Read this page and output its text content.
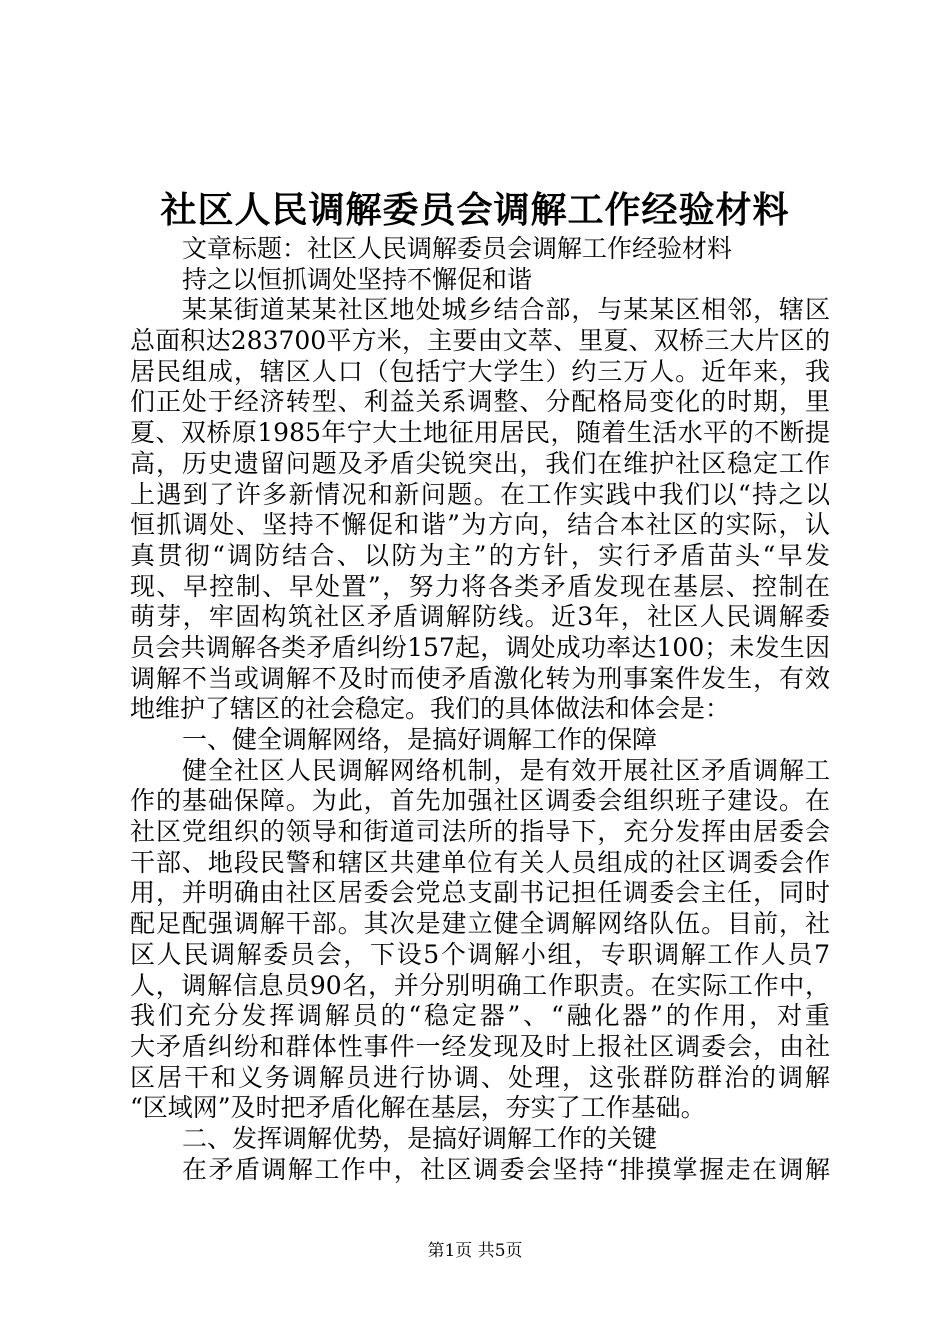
社区人民调解委员会调解工作经验材料
文章标题：社区人民调解委员会调解工作经验材料
持之以恒抓调处坚持不懈促和谐
某某街道某某社区地处城乡结合部，与某某区相邻，辖区
总面积达283700平方米，主要由文萃、里夏、双桥三大片区的
居民组成，辖区人口（包括宁大学生）约三万人。近年来，我
们正处于经济转型、利益关系调整、分配格局变化的时期，里
夏、双桥原1985年宁大土地征用居民，随着生活水平的不断提
高，历史遗留问题及矛盾尖锐突出，我们在维护社区稳定工作
上遇到了许多新情况和新问题。在工作实践中我们以“持之以
恒抓调处、坚持不懈促和谐”为方向，结合本社区的实际，认
真贯彻“调防结合、以防为主”的方针，实行矛盾苗头“早发
现、早控制、早处置”，努力将各类矛盾发现在基层、控制在
萌芽，牢固构筑社区矛盾调解防线。近3年，社区人民调解委
员会共调解各类矛盾纠纷157起，调处成功率达100；未发生因
调解不当或调解不及时而使矛盾激化转为刑事案件发生，有效
地维护了辖区的社会稳定。我们的具体做法和体会是：
一、健全调解网络，是搞好调解工作的保障
健全社区人民调解网络机制，是有效开展社区矛盾调解工
作的基础保障。为此，首先加强社区调委会组织班子建设。在
社区党组织的领导和街道司法所的指导下，充分发挥由居委会
干部、地段民警和辖区共建单位有关人员组成的社区调委会作
用，并明确由社区居委会党总支副书记担任调委会主任，同时
配足配强调解干部。其次是建立健全调解网络队伍。目前，社
区人民调解委员会，下设5个调解小组，专职调解工作人员7
人，调解信息员90名，并分别明确工作职责。在实际工作中，
我们充分发挥调解员的“稳定器”、“融化器”的作用，对重
大矛盾纠纷和群体性事件一经发现及时上报社区调委会，由社
区居干和义务调解员进行协调、处理，这张群防群治的调解
“区域网”及时把矛盾化解在基层，夯实了工作基础。
二、发挥调解优势，是搞好调解工作的关键
在矛盾调解工作中，社区调委会坚持“排摸掌握走在调解
第1页 共5页
